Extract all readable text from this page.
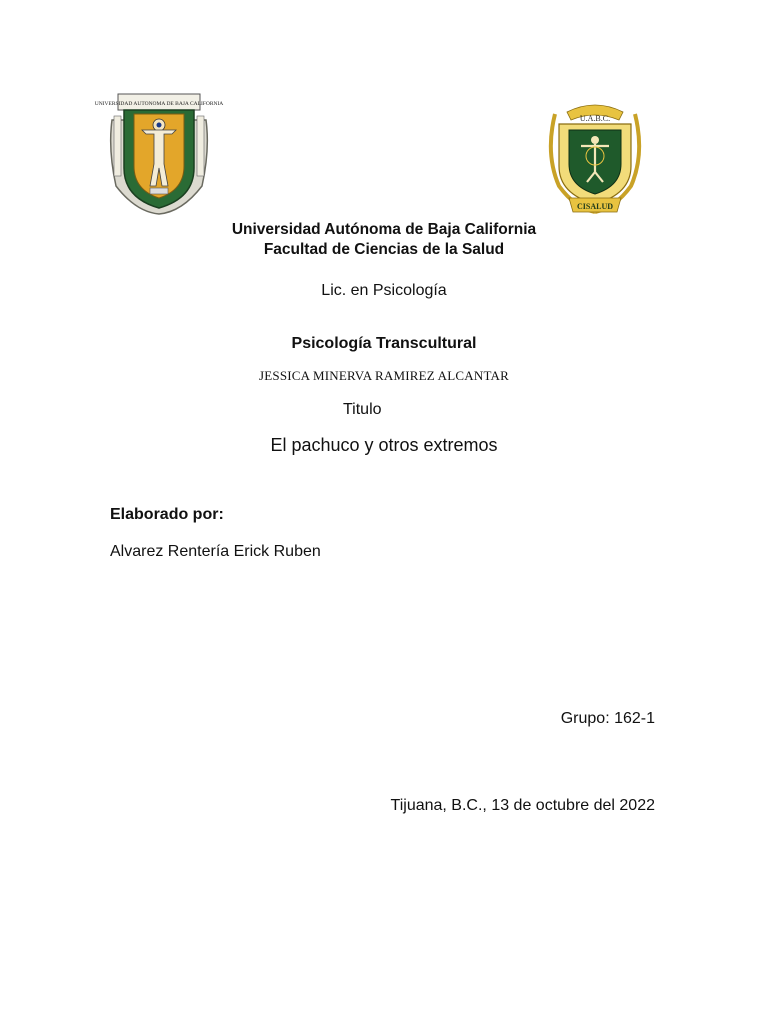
UNIVERSIDAD AUTONOMA DE BAJA CALIFORNIA
U.A.B.C.
CISALUD
Universidad Autónoma de Baja California
Facultad de Ciencias de la Salud
Lic. en Psicología
Psicología Transcultural
JESSICA MINERVA RAMIREZ ALCANTAR
Titulo
El pachuco y otros extremos
Elaborado por:
Alvarez Rentería Erick Ruben
Grupo: 162-1
Tijuana, B.C., 13 de octubre del 2022
